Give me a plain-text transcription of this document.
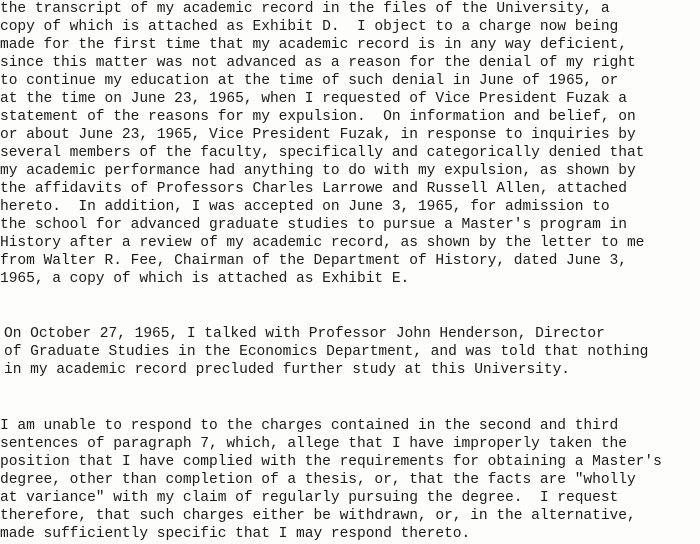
the transcript of my academic record in the files of the University, a
copy of which is attached as Exhibit D.  I object to a charge now being
made for the first time that my academic record is in any way deficient,
since this matter was not advanced as a reason for the denial of my right
to continue my education at the time of such denial in June of 1965, or
at the time on June 23, 1965, when I requested of Vice President Fuzak a
statement of the reasons for my expulsion.  On information and belief, on
or about June 23, 1965, Vice President Fuzak, in response to inquiries by
several members of the faculty, specifically and categorically denied that
my academic performance had anything to do with my expulsion, as shown by
the affidavits of Professors Charles Larrowe and Russell Allen, attached
hereto.  In addition, I was accepted on June 3, 1965, for admission to
the school for advanced graduate studies to pursue a Master's program in
History after a review of my academic record, as shown by the letter to me
from Walter R. Fee, Chairman of the Department of History, dated June 3,
1965, a copy of which is attached as Exhibit E.
On October 27, 1965, I talked with Professor John Henderson, Director
of Graduate Studies in the Economics Department, and was told that nothing
in my academic record precluded further study at this University.
I am unable to respond to the charges contained in the second and third
sentences of paragraph 7, which, allege that I have improperly taken the
position that I have complied with the requirements for obtaining a Master's
degree, other than completion of a thesis, or, that the facts are "wholly
at variance" with my claim of regularly pursuing the degree.  I request
therefore, that such charges either be withdrawn, or, in the alternative,
made sufficiently specific that I may respond thereto.
